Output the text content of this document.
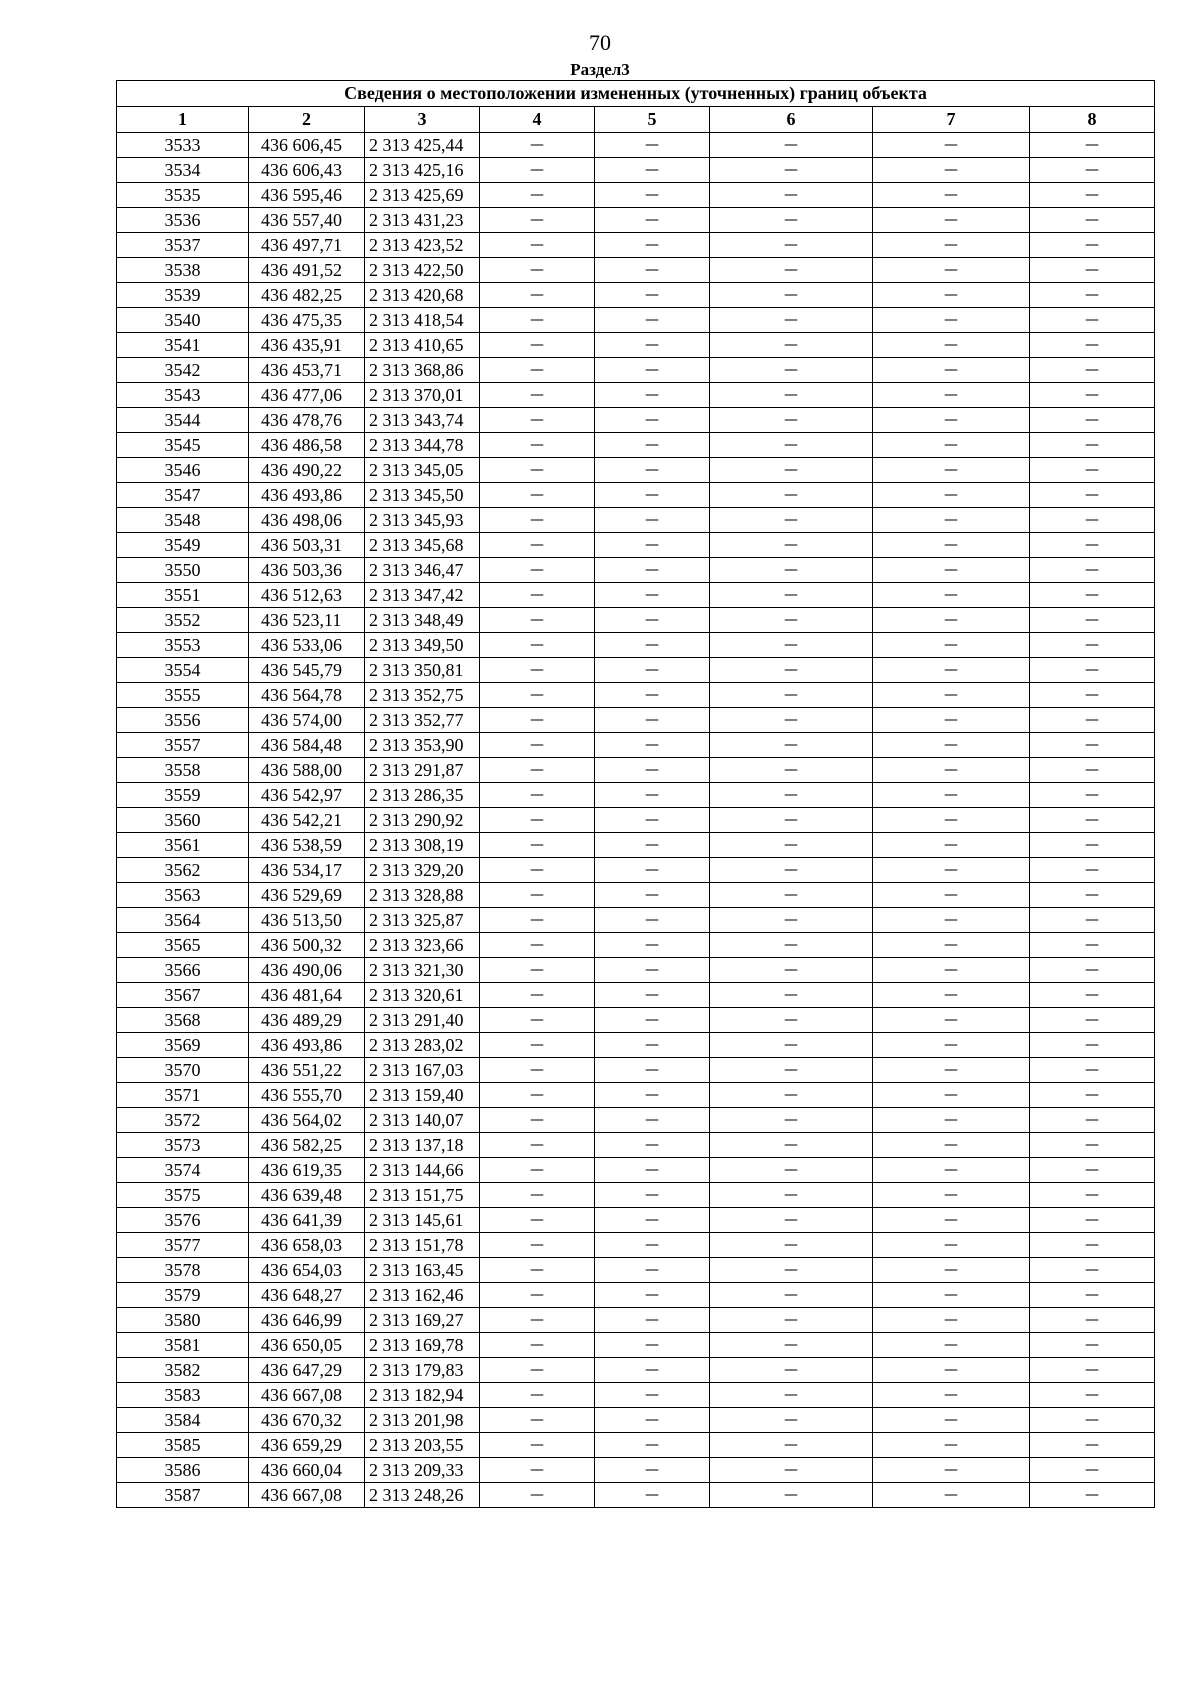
70
Раздел3
Сведения о местоположении измененных (уточненных) границ объекта							
1	2	3	4	5	6	7	8
3533	436 606,45	2 313 425,44	—	—	—	—	—
3534	436 606,43	2 313 425,16	—	—	—	—	—
3535	436 595,46	2 313 425,69	—	—	—	—	—
3536	436 557,40	2 313 431,23	—	—	—	—	—
3537	436 497,71	2 313 423,52	—	—	—	—	—
3538	436 491,52	2 313 422,50	—	—	—	—	—
3539	436 482,25	2 313 420,68	—	—	—	—	—
3540	436 475,35	2 313 418,54	—	—	—	—	—
3541	436 435,91	2 313 410,65	—	—	—	—	—
3542	436 453,71	2 313 368,86	—	—	—	—	—
3543	436 477,06	2 313 370,01	—	—	—	—	—
3544	436 478,76	2 313 343,74	—	—	—	—	—
3545	436 486,58	2 313 344,78	—	—	—	—	—
3546	436 490,22	2 313 345,05	—	—	—	—	—
3547	436 493,86	2 313 345,50	—	—	—	—	—
3548	436 498,06	2 313 345,93	—	—	—	—	—
3549	436 503,31	2 313 345,68	—	—	—	—	—
3550	436 503,36	2 313 346,47	—	—	—	—	—
3551	436 512,63	2 313 347,42	—	—	—	—	—
3552	436 523,11	2 313 348,49	—	—	—	—	—
3553	436 533,06	2 313 349,50	—	—	—	—	—
3554	436 545,79	2 313 350,81	—	—	—	—	—
3555	436 564,78	2 313 352,75	—	—	—	—	—
3556	436 574,00	2 313 352,77	—	—	—	—	—
3557	436 584,48	2 313 353,90	—	—	—	—	—
3558	436 588,00	2 313 291,87	—	—	—	—	—
3559	436 542,97	2 313 286,35	—	—	—	—	—
3560	436 542,21	2 313 290,92	—	—	—	—	—
3561	436 538,59	2 313 308,19	—	—	—	—	—
3562	436 534,17	2 313 329,20	—	—	—	—	—
3563	436 529,69	2 313 328,88	—	—	—	—	—
3564	436 513,50	2 313 325,87	—	—	—	—	—
3565	436 500,32	2 313 323,66	—	—	—	—	—
3566	436 490,06	2 313 321,30	—	—	—	—	—
3567	436 481,64	2 313 320,61	—	—	—	—	—
3568	436 489,29	2 313 291,40	—	—	—	—	—
3569	436 493,86	2 313 283,02	—	—	—	—	—
3570	436 551,22	2 313 167,03	—	—	—	—	—
3571	436 555,70	2 313 159,40	—	—	—	—	—
3572	436 564,02	2 313 140,07	—	—	—	—	—
3573	436 582,25	2 313 137,18	—	—	—	—	—
3574	436 619,35	2 313 144,66	—	—	—	—	—
3575	436 639,48	2 313 151,75	—	—	—	—	—
3576	436 641,39	2 313 145,61	—	—	—	—	—
3577	436 658,03	2 313 151,78	—	—	—	—	—
3578	436 654,03	2 313 163,45	—	—	—	—	—
3579	436 648,27	2 313 162,46	—	—	—	—	—
3580	436 646,99	2 313 169,27	—	—	—	—	—
3581	436 650,05	2 313 169,78	—	—	—	—	—
3582	436 647,29	2 313 179,83	—	—	—	—	—
3583	436 667,08	2 313 182,94	—	—	—	—	—
3584	436 670,32	2 313 201,98	—	—	—	—	—
3585	436 659,29	2 313 203,55	—	—	—	—	—
3586	436 660,04	2 313 209,33	—	—	—	—	—
3587	436 667,08	2 313 248,26	—	—	—	—	—
